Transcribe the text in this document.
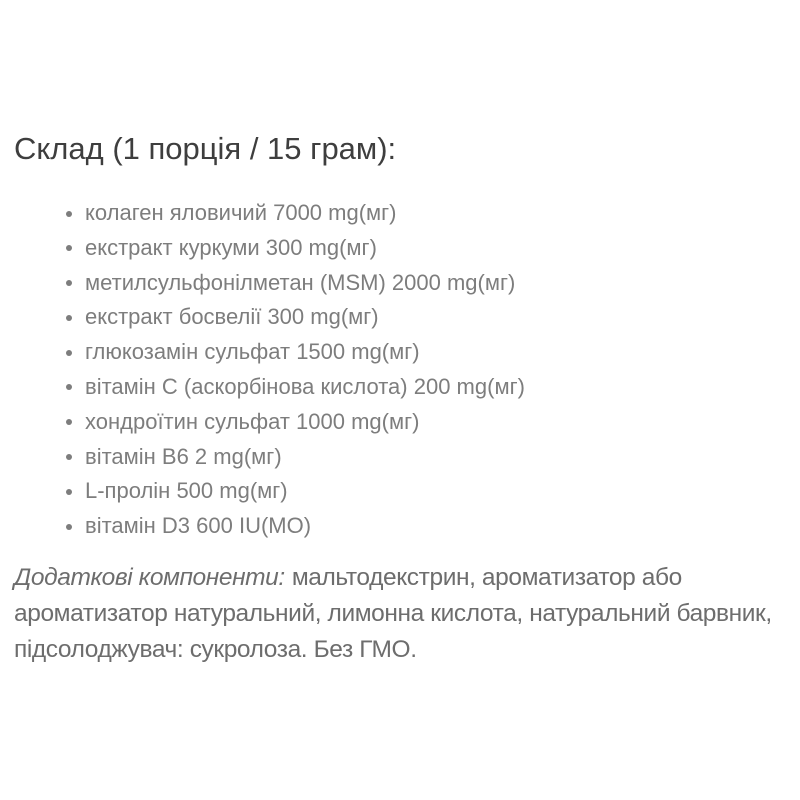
Склад (1 порція / 15 грам):
колаген яловичий 7000 mg(мг)
екстракт куркуми 300 mg(мг)
метилсульфонілметан (MSM) 2000 mg(мг)
екстракт босвелії 300 mg(мг)
глюкозамін сульфат 1500 mg(мг)
вітамін C (аскорбінова кислота) 200 mg(мг)
хондроїтин сульфат 1000 mg(мг)
вітамін B6 2 mg(мг)
L-пролін 500 mg(мг)
вітамін D3 600 IU(МО)

Додаткові компоненти: мальтодекстрин, ароматизатор або ароматизатор натуральний, лимонна кислота, натуральний барвник, підсолоджувач: сукролоза. Без ГМО.
